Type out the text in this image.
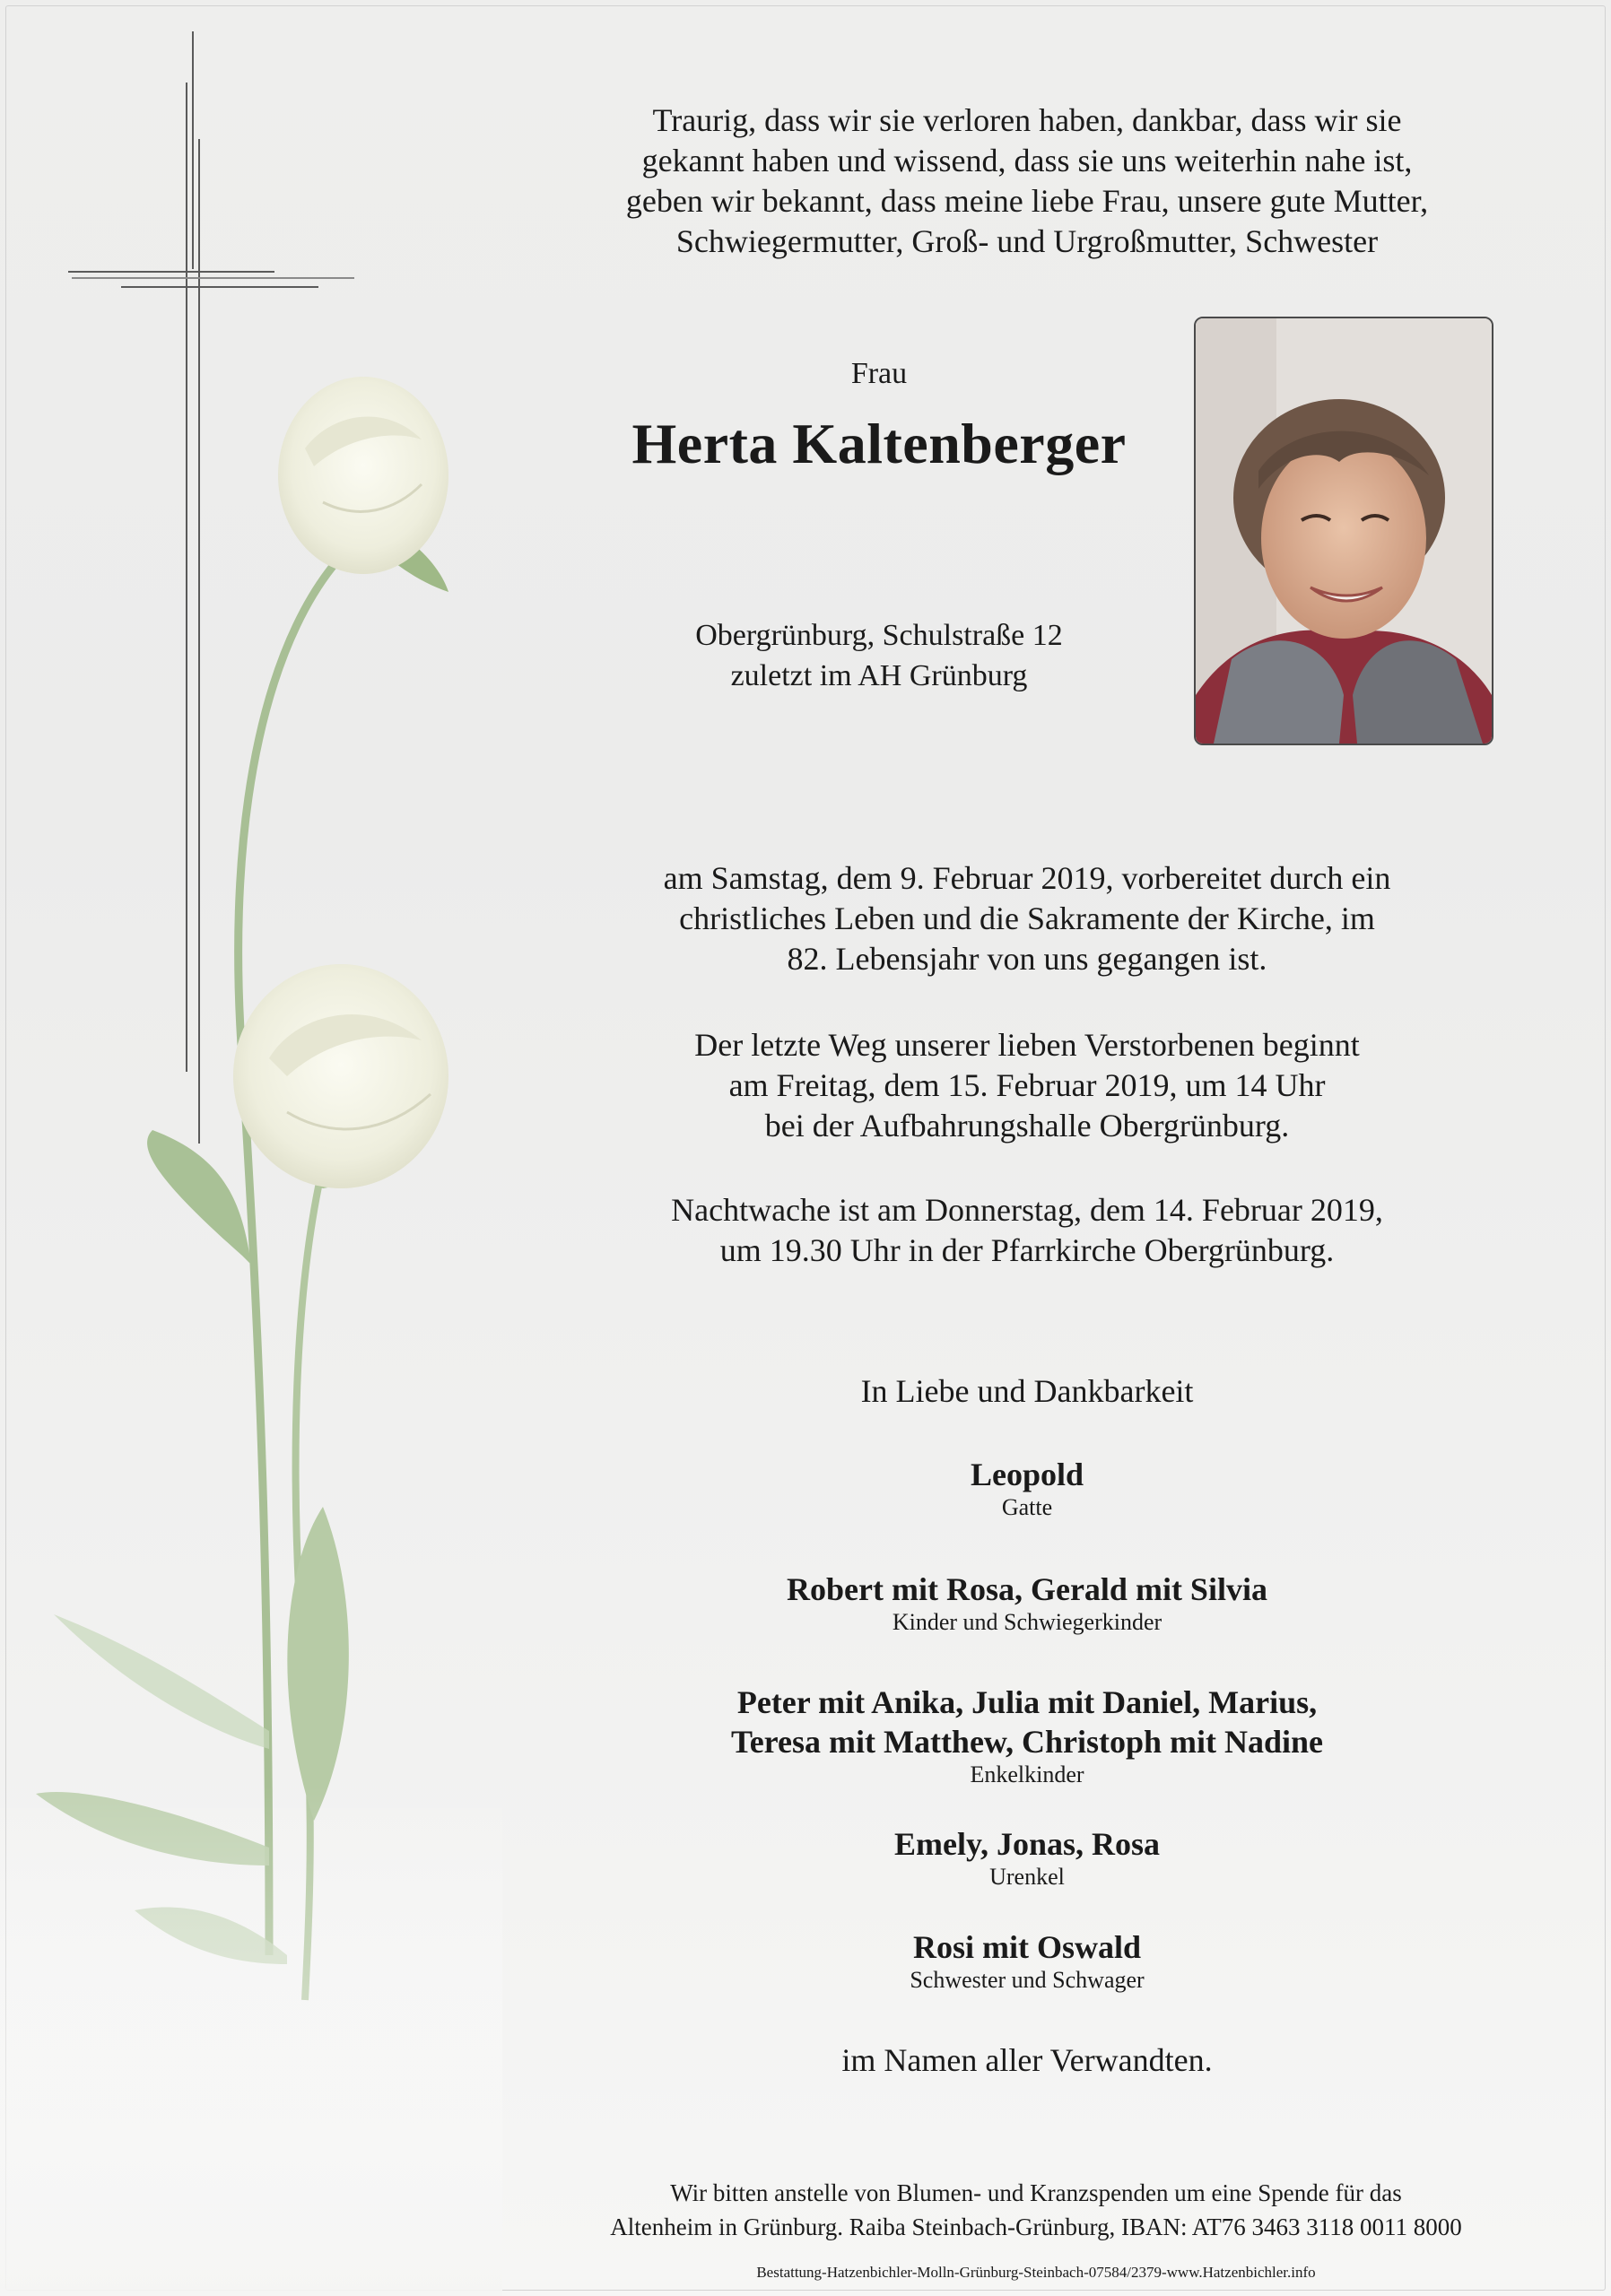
Traurig, dass wir sie verloren haben, dankbar, dass wir sie
gekannt haben und wissend, dass sie uns weiterhin nahe ist,
geben wir bekannt, dass meine liebe Frau, unsere gute Mutter,
Schwiegermutter, Groß- und Urgroßmutter, Schwester
Frau
Herta Kaltenberger
Obergrünburg, Schulstraße 12
zuletzt im AH Grünburg
am Samstag, dem 9. Februar 2019, vorbereitet durch ein
christliches Leben und die Sakramente der Kirche, im
82. Lebensjahr von uns gegangen ist.
Der letzte Weg unserer lieben Verstorbenen beginnt
am Freitag, dem 15. Februar 2019, um 14 Uhr
bei der Aufbahrungshalle Obergrünburg.
Nachtwache ist am Donnerstag, dem 14. Februar 2019,
um 19.30 Uhr in der Pfarrkirche Obergrünburg.
In Liebe und Dankbarkeit
Leopold
Gatte
Robert mit Rosa, Gerald mit Silvia
Kinder und Schwiegerkinder
Peter mit Anika, Julia mit Daniel, Marius,
Teresa mit Matthew, Christoph mit Nadine
Enkelkinder
Emely, Jonas, Rosa
Urenkel
Rosi mit Oswald
Schwester und Schwager
im Namen aller Verwandten.
Wir bitten anstelle von Blumen- und Kranzspenden um eine Spende für das
Altenheim in Grünburg. Raiba Steinbach-Grünburg, IBAN: AT76 3463 3118 0011 8000
Bestattung-Hatzenbichler-Molln-Grünburg-Steinbach-07584/2379-www.Hatzenbichler.info
